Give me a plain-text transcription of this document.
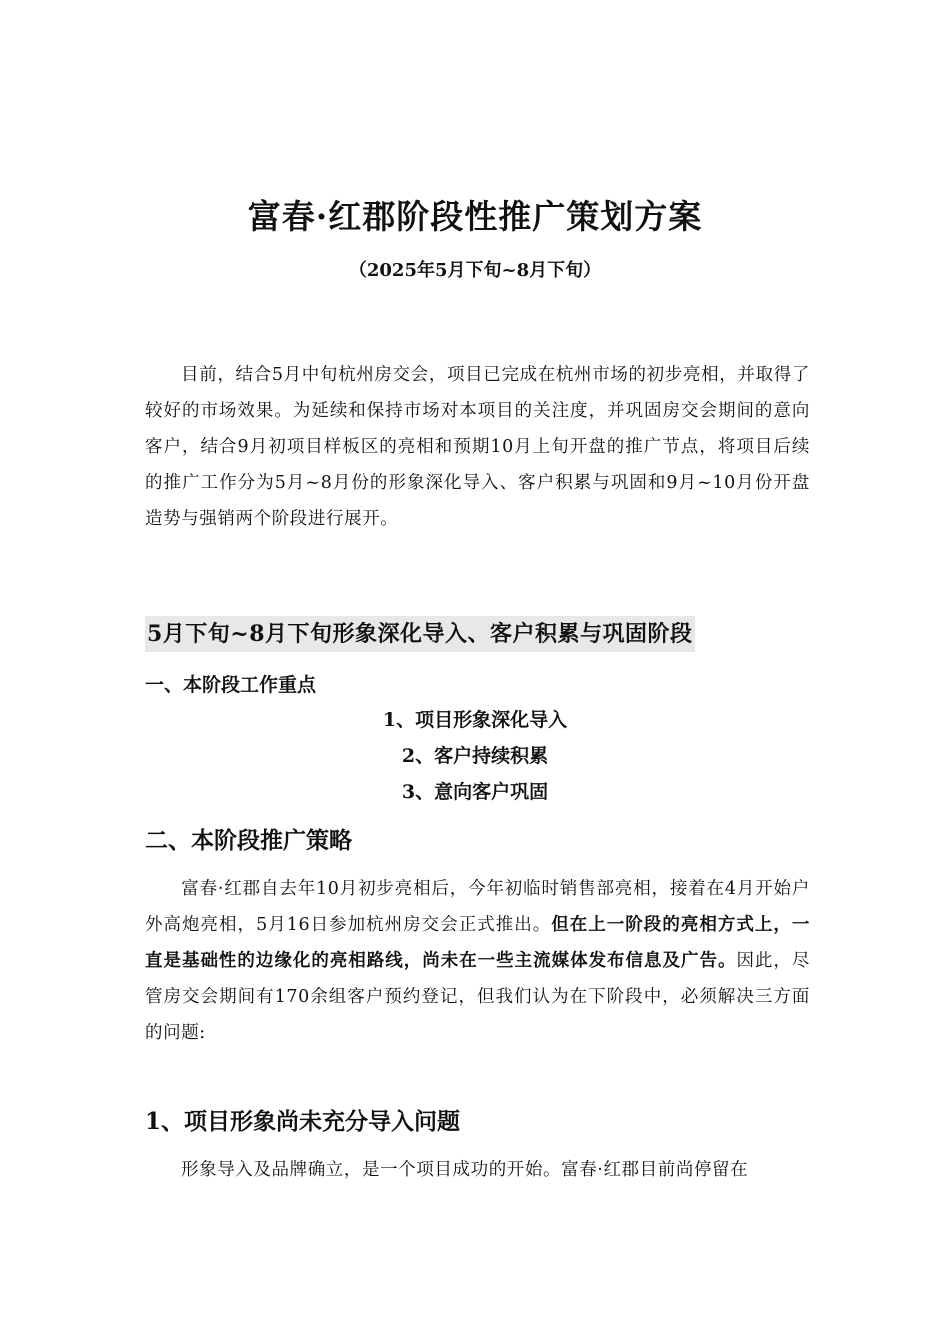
富春·红郡阶段性推广策划方案
（2025年5月下旬~8月下旬）
目前，结合5月中旬杭州房交会，项目已完成在杭州市场的初步亮相，并取得了较好的市场效果。为延续和保持市场对本项目的关注度，并巩固房交会期间的意向客户，结合9月初项目样板区的亮相和预期10月上旬开盘的推广节点，将项目后续的推广工作分为5月~8月份的形象深化导入、客户积累与巩固和9月~10月份开盘造势与强销两个阶段进行展开。
5月下旬~8月下旬形象深化导入、客户积累与巩固阶段
一、本阶段工作重点
1、项目形象深化导入
2、客户持续积累
3、意向客户巩固
二、本阶段推广策略
富春·红郡自去年10月初步亮相后，今年初临时销售部亮相，接着在4月开始户外高炮亮相，5月16日参加杭州房交会正式推出。但在上一阶段的亮相方式上，一直是基础性的边缘化的亮相路线，尚未在一些主流媒体发布信息及广告。因此，尽管房交会期间有170余组客户预约登记，但我们认为在下阶段中，必须解决三方面的问题:
1、项目形象尚未充分导入问题
形象导入及品牌确立，是一个项目成功的开始。富春·红郡目前尚停留在
